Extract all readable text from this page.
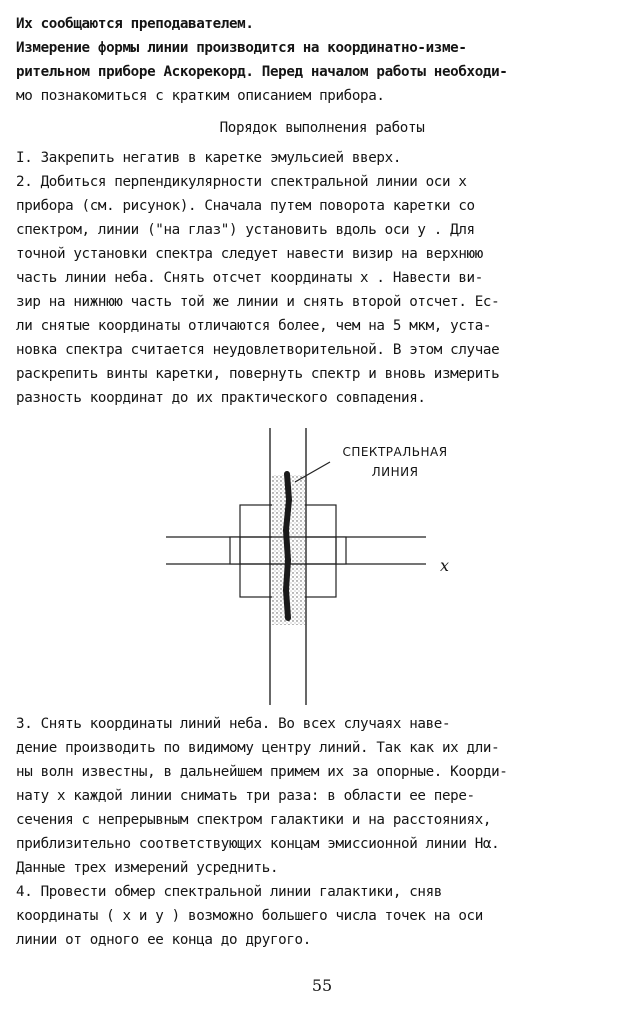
Их сообщаются преподавателем.
Измерение формы линии производится на координатно-изме-
рительном приборе Аскорекорд. Перед началом работы необходи-
мо познакомиться с кратким описанием прибора.
Порядок выполнения работы
I. Закрепить негатив в каретке эмульсией вверх.
2. Добиться перпендикулярности спектральной линии оси x
прибора (см. рисунок). Сначала путем поворота каретки со
спектром, линии ("на глаз") установить вдоль оси y . Для
точной установки спектра следует навести визир на верхнюю
часть линии неба. Снять отсчет координаты x . Навести ви-
зир на нижнюю часть той же линии и снять второй отсчет. Ес-
ли снятые координаты отличаются более, чем на 5 мкм, уста-
новка спектра считается неудовлетворительной. В этом случае
раскрепить винты каретки, повернуть спектр и вновь измерить
разность координат до их практического совпадения.
СПЕКТРАЛЬНАЯ
ЛИНИЯ
x
3. Снять координаты линий неба. Во всех случаях наве-
дение производить по видимому центру линий. Так как их дли-
ны волн известны, в дальнейшем примем их за опорные. Коорди-
нату x каждой линии снимать три раза: в области ее пере-
сечения с непрерывным спектром галактики и на расстояниях,
приблизительно соответствующих концам эмиссионной линии Hα.
Данные трех измерений усреднить.
4. Провести обмер спектральной линии галактики, сняв
координаты ( x и y ) возможно большего числа точек на оси
линии от одного ее конца до другого.
55
